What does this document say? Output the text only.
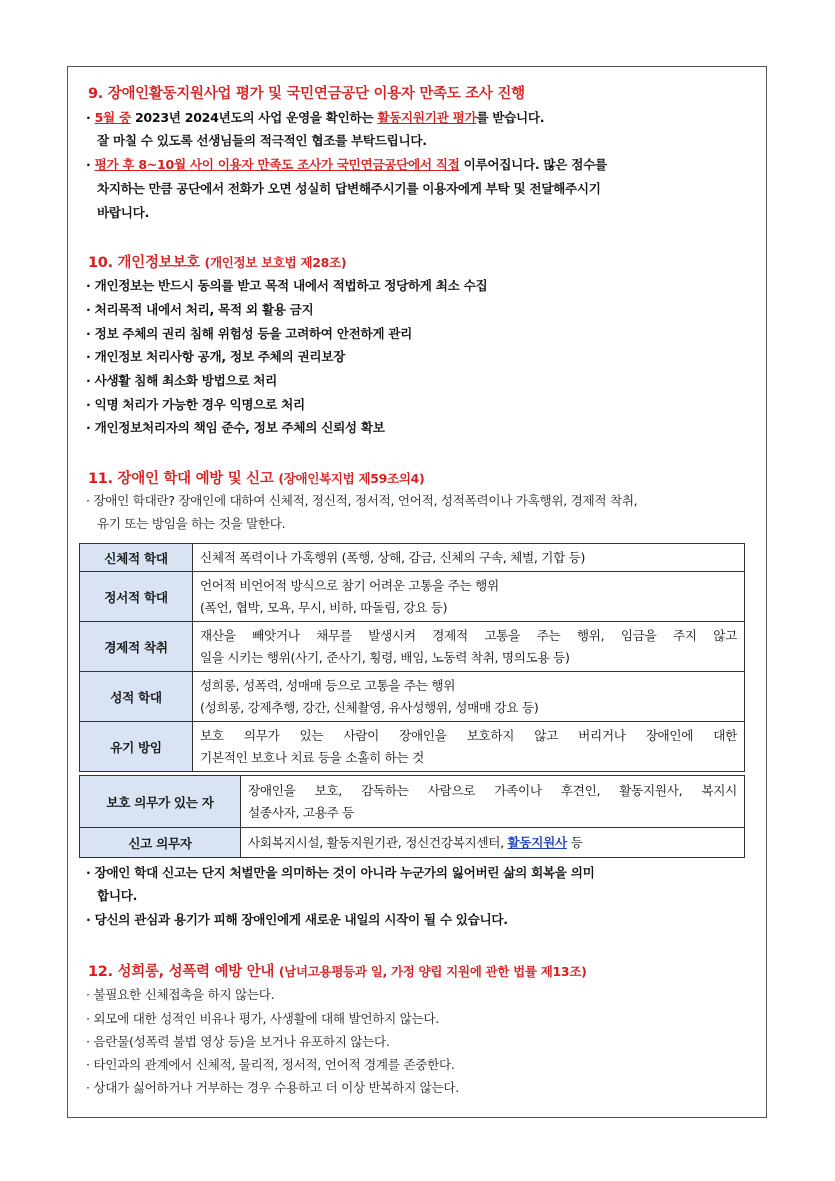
9. 장애인활동지원사업 평가 및 국민연금공단 이용자 만족도 조사 진행
· 5월 중 2023년 2024년도의 사업 운영을 확인하는 활동지원기관 평가를 받습니다.
잘 마칠 수 있도록 선생님들의 적극적인 협조를 부탁드립니다.
· 평가 후 8~10월 사이 이용자 만족도 조사가 국민연금공단에서 직접 이루어집니다. 많은 점수를
차지하는 만큼 공단에서 전화가 오면 성실히 답변해주시기를 이용자에게 부탁 및 전달해주시기
바랍니다.
10. 개인정보보호 (개인정보 보호법 제28조)
· 개인정보는 반드시 동의를 받고 목적 내에서 적법하고 정당하게 최소 수집
· 처리목적 내에서 처리, 목적 외 활용 금지
· 정보 주체의 권리 침해 위험성 등을 고려하여 안전하게 관리
· 개인정보 처리사항 공개, 정보 주체의 권리보장
· 사생활 침해 최소화 방법으로 처리
· 익명 처리가 가능한 경우 익명으로 처리
· 개인정보처리자의 책임 준수, 정보 주체의 신뢰성 확보
11. 장애인 학대 예방 및 신고 (장애인복지법 제59조의4)
· 장애인 학대란? 장애인에 대하여 신체적, 정신적, 정서적, 언어적, 성적폭력이나 가혹행위, 경제적 착취,
유기 또는 방임을 하는 것을 말한다.
신체적 학대	신체적 폭력이나 가혹행위 (폭행, 상해, 감금, 신체의 구속, 체벌, 기합 등)

정서적 학대	언어적 비언어적 방식으로 참기 어려운 고통을 주는 행위
(폭언, 협박, 모욕, 무시, 비하, 따돌림, 강요 등)

경제적 착취	재산을 빼앗거나 채무를 발생시켜 경제적 고통을 주는 행위, 임금을 주지 않고
일을 시키는 행위(사기, 준사기, 횡령, 배임, 노동력 착취, 명의도용 등)

성적 학대	성희롱, 성폭력, 성매매 등으로 고통을 주는 행위
(성희롱, 강제추행, 강간, 신체촬영, 유사성행위, 성매매 강요 등)

유기 방임	보호 의무가 있는 사람이 장애인을 보호하지 않고 버리거나 장애인에 대한
기본적인 보호나 치료 등을 소홀히 하는 것
보호 의무가 있는 자	장애인을 보호, 감독하는 사람으로 가족이나 후견인, 활동지원사, 복지시
설종사자, 고용주 등

신고 의무자	사회복지시설, 활동지원기관, 정신건강복지센터, 활동지원사 등
· 장애인 학대 신고는 단지 처벌만을 의미하는 것이 아니라 누군가의 잃어버린 삶의 회복을 의미
합니다.
· 당신의 관심과 용기가 피해 장애인에게 새로운 내일의 시작이 될 수 있습니다.
12. 성희롱, 성폭력 예방 안내 (남녀고용평등과 일, 가정 양립 지원에 관한 법률 제13조)
· 불필요한 신체접촉을 하지 않는다.
· 외모에 대한 성적인 비유나 평가, 사생활에 대해 발언하지 않는다.
· 음란물(성폭력 불법 영상 등)을 보거나 유포하지 않는다.
· 타인과의 관계에서 신체적, 물리적, 정서적, 언어적 경계를 존중한다.
· 상대가 싫어하거나 거부하는 경우 수용하고 더 이상 반복하지 않는다.
